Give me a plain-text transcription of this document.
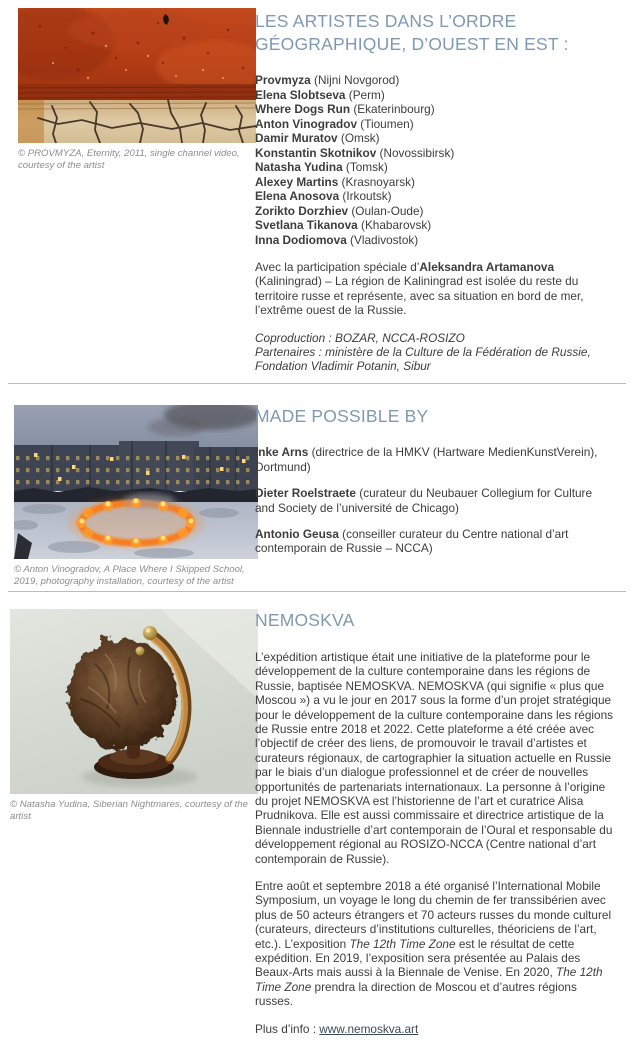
© PROVMYZA, Eternity, 2011, single channel video, courtesy of the artist
LES ARTISTES DANS L’ORDRE GÉOGRAPHIQUE, D’OUEST EN EST :
Provmyza (Nijni Novgorod)
Elena Slobtseva (Perm)
Where Dogs Run (Ekaterinbourg)
Anton Vinogradov (Tioumen)
Damir Muratov (Omsk)
Konstantin Skotnikov (Novossibirsk)
Natasha Yudina (Tomsk)
Alexey Martins (Krasnoyarsk)
Elena Anosova (Irkoutsk)
Zorikto Dorzhiev (Oulan-Oude)
Svetlana Tikanova (Khabarovsk)
Inna Dodiomova (Vladivostok)

Avec la participation spéciale d’Aleksandra Artamanova (Kaliningrad) – La région de Kaliningrad est isolée du reste du territoire russe et représente, avec sa situation en bord de mer, l’extrême ouest de la Russie.

Coproduction : BOZAR, NCCA-ROSIZO
Partenaires : ministère de la Culture de la Fédération de Russie, Fondation Vladimir Potanin, Sibur
© Anton Vinogradov, A Place Where I Skipped School, 2019, photography installation, courtesy of the artist
MADE POSSIBLE BY

Inke Arns (directrice de la HMKV (Hartware MedienKunstVerein), Dortmund)

Dieter Roelstraete (curateur du Neubauer Collegium for Culture and Society de l’université de Chicago)

Antonio Geusa (conseiller curateur du Centre national d’art contemporain de Russie – NCCA)

© Natasha Yudina, Siberian Nightmares, courtesy of the artist
NEMOSKVA

L’expédition artistique était une initiative de la plateforme pour le développement de la culture contemporaine dans les régions de Russie, baptisée NEMOSKVA. NEMOSKVA (qui signifie « plus que Moscou ») a vu le jour en 2017 sous la forme d’un projet stratégique pour le développement de la culture contemporaine dans les régions de Russie entre 2018 et 2022. Cette plateforme a été créée avec l’objectif de créer des liens, de promouvoir le travail d’artistes et curateurs régionaux, de cartographier la situation actuelle en Russie par le biais d’un dialogue professionnel et de créer de nouvelles opportunités de partenariats internationaux. La personne à l’origine du projet NEMOSKVA est l’historienne de l’art et curatrice Alisa Prudnikova. Elle est aussi commissaire et directrice artistique de la Biennale industrielle d’art contemporain de l’Oural et responsable du développement régional au ROSIZO-NCCA (Centre national d’art contemporain de Russie).

Entre août et septembre 2018 a été organisé l’International Mobile Symposium, un voyage le long du chemin de fer transsibérien avec plus de 50 acteurs étrangers et 70 acteurs russes du monde culturel (curateurs, directeurs d’institutions culturelles, théoriciens de l’art, etc.). L’exposition The 12th Time Zone est le résultat de cette expédition. En 2019, l’exposition sera présentée au Palais des Beaux-Arts mais aussi à la Biennale de Venise. En 2020, The 12th Time Zone prendra la direction de Moscou et d’autres régions russes.

Plus d’info : www.nemoskva.art
